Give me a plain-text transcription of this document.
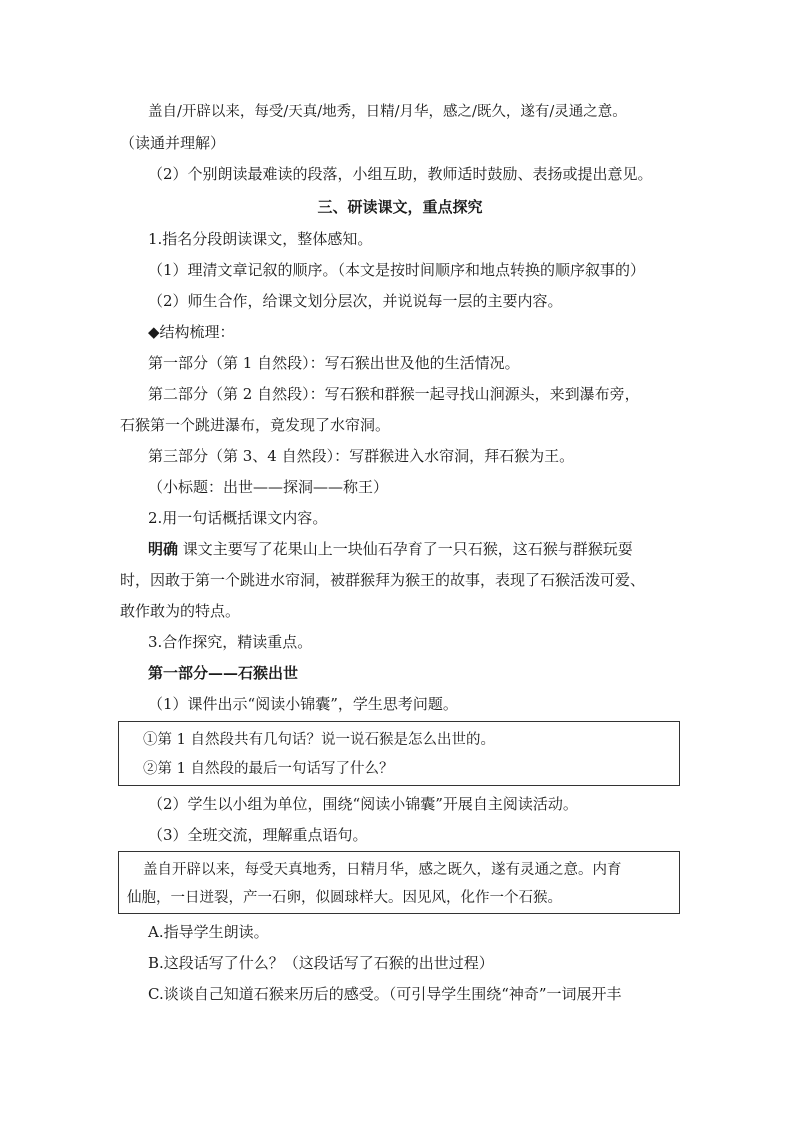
盖自/开辟以来，每受/天真/地秀，日精/月华，感之/既久，遂有/灵通之意。
（读通并理解）
（2）个别朗读最难读的段落，小组互助，教师适时鼓励、表扬或提出意见。
三、研读课文，重点探究
1.指名分段朗读课文，整体感知。
（1）理清文章记叙的顺序。（本文是按时间顺序和地点转换的顺序叙事的）
（2）师生合作，给课文划分层次，并说说每一层的主要内容。
◆结构梳理：
第一部分（第 1 自然段）：写石猴出世及他的生活情况。
第二部分（第 2 自然段）：写石猴和群猴一起寻找山涧源头，来到瀑布旁，
石猴第一个跳进瀑布，竟发现了水帘洞。
第三部分（第 3、4 自然段）：写群猴进入水帘洞，拜石猴为王。
（小标题：出世——探洞——称王）
2.用一句话概括课文内容。
明确 课文主要写了花果山上一块仙石孕育了一只石猴，这石猴与群猴玩耍
时，因敢于第一个跳进水帘洞，被群猴拜为猴王的故事，表现了石猴活泼可爱、
敢作敢为的特点。
3.合作探究，精读重点。
第一部分——石猴出世
（1）课件出示“阅读小锦囊”，学生思考问题。
①第 1 自然段共有几句话？说一说石猴是怎么出世的。
②第 1 自然段的最后一句话写了什么？
（2）学生以小组为单位，围绕“阅读小锦囊”开展自主阅读活动。
（3）全班交流，理解重点语句。
盖自开辟以来，每受天真地秀，日精月华，感之既久，遂有灵通之意。内育
仙胞，一日迸裂，产一石卵，似圆球样大。因见风，化作一个石猴。
A.指导学生朗读。
B.这段话写了什么？（这段话写了石猴的出世过程）
C.谈谈自己知道石猴来历后的感受。（可引导学生围绕“神奇”一词展开丰
